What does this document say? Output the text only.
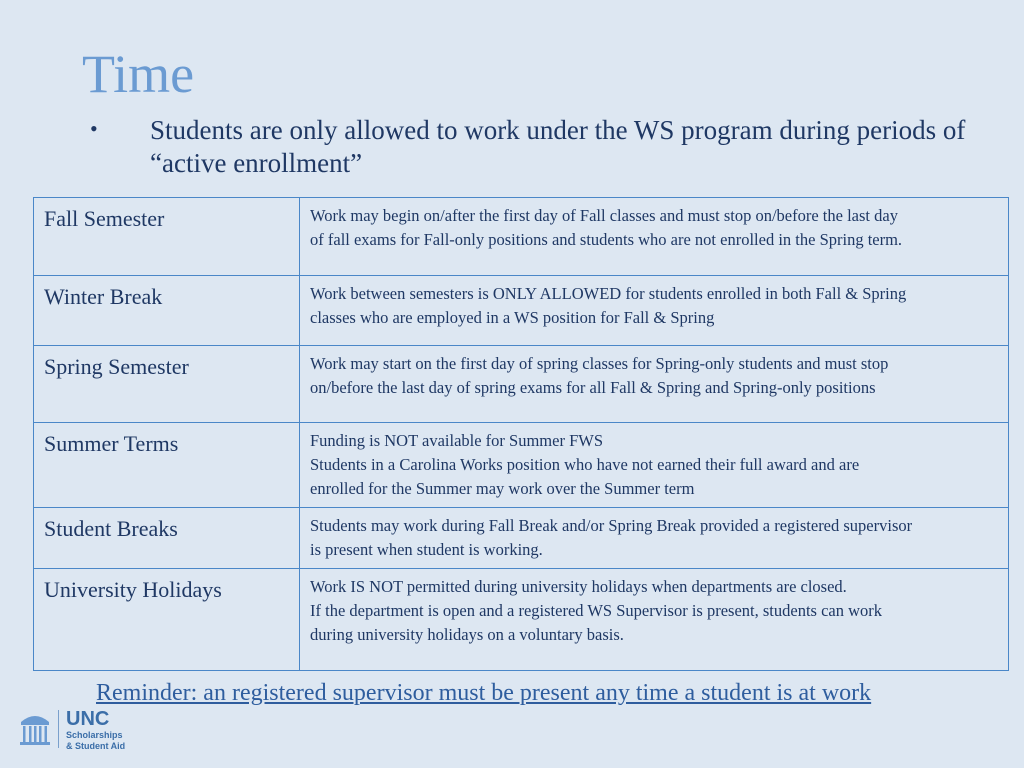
Time
• Students are only allowed to work under the WS program during periods of “active enrollment”
Fall Semester	Work may begin on/after the first day of Fall classes and must stop on/before the last day
of fall exams for Fall-only positions and students who are not enrolled in the Spring term.

Winter Break	Work between semesters is ONLY ALLOWED for students enrolled in both Fall & Spring
classes who are employed in a WS position for Fall & Spring

Spring Semester	Work may start on the first day of spring classes for Spring-only students and must stop
on/before the last day of spring exams for all Fall & Spring and Spring-only positions

Summer Terms	Funding is NOT available for Summer FWS
Students in a Carolina Works position who have not earned their full award and are
enrolled for the Summer may work over the Summer term

Student Breaks	Students may work during Fall Break and/or Spring Break provided a registered supervisor
is present when student is working.

University Holidays	Work IS NOT permitted during university holidays when departments are closed.
If the department is open and a registered WS Supervisor is present, students can work
during university holidays on a voluntary basis.
Reminder: an registered supervisor must be present any time a student is at work
UNC
Scholarships
& Student Aid
